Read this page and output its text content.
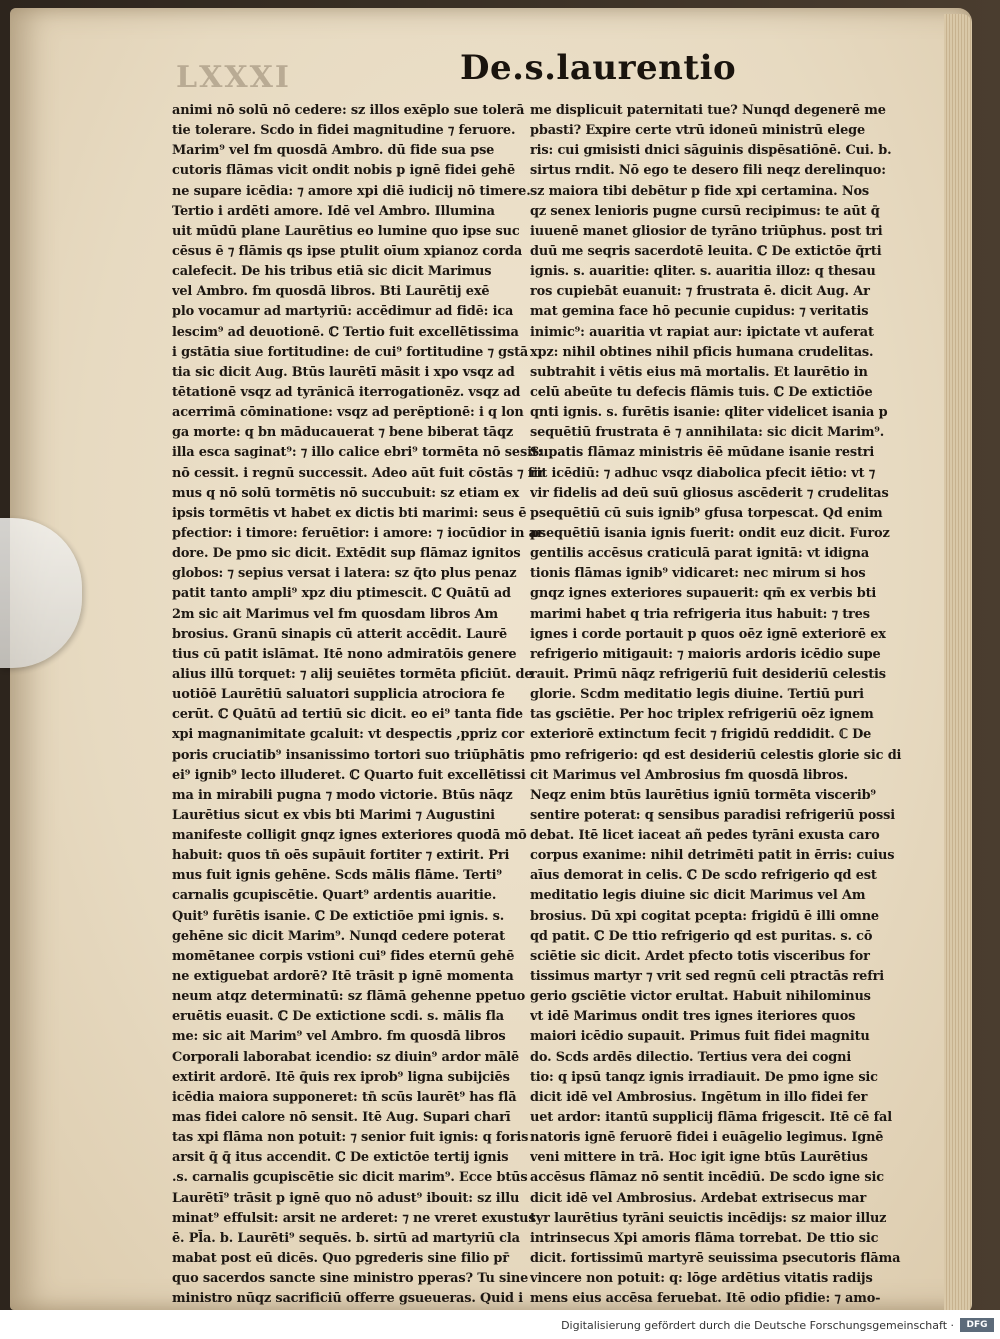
LXXXI	De.s.laurentio
animi nō solū nō cedere: sz illos exēplo sue tolerā
tie tolerare. Scdo in fidei magnitudine ⁊ feruore.
Marim⁹ vel fm quosdā Ambro. dū fide sua pse
cutoris flāmas vicit ondit nobis p ignē fidei gehē
ne supare icēdia: ⁊ amore xpi diē iudicij nō timere.
Tertio i ardēti amore. Idē vel Ambro. Illumina
uit mūdū plane Laurētius eo lumine quo ipse suc
cēsus ē ⁊ flāmis qs ipse ptulit oīum xpianoz corda
calefecit. De his tribus etiā sic dicit Marimus
vel Ambro. fm quosdā libros. Bti Laurētij exē
plo vocamur ad martyriū: accēdimur ad fidē: ica
lescim⁹ ad deuotionē. ℂ Tertio fuit excellētissima
i gstātia siue fortitudine: de cui⁹ fortitudine ⁊ gstā
tia sic dicit Aug. Btūs laurētī māsit i xpo vsqz ad
tētationē vsqz ad tyrānicā iterrogationēz. vsqz ad
acerrimā cōminatione: vsqz ad perēptionē: i q lon
ga morte: q bn māducauerat ⁊ bene biberat tāqz
illa esca saginat⁹: ⁊ illo calice ebri⁹ tormēta nō sesit:
nō cessit. i regnū successit. Adeo aūt fuit cōstās ⁊ fir
mus q nō solū tormētis nō succubuit: sz etiam ex
ipsis tormētis vt habet ex dictis bti marimi: seus ē
pfectior: i timore: feruētior: i amore: ⁊ iocūdior in ar
dore. De pmo sic dicit. Extēdit sup flāmaz ignitos
globos: ⁊ sepius versat i latera: sz q̄to plus penaz
patit tanto ampli⁹ xpz diu ptimescit. ℂ Quātū ad
2m sic ait Marimus vel fm quosdam libros Am
brosius. Granū sinapis cū atterit accēdit. Laurē
tius cū patit islāmat. Itē nono admiratōis genere
alius illū torquet: ⁊ alij seuiētes tormēta pficiūt. de
uotiōē Laurētiū saluatori supplicia atrociora fe
cerūt. ℂ Quātū ad tertiū sic dicit. eo ei⁹ tanta fide
xpi magnanimitate gcaluit: vt despectis ,ppriz cor
poris cruciatib⁹ insanissimo tortori suo triūphātis
ei⁹ ignib⁹ lecto illuderet. ℂ Quarto fuit excellētissi
ma in mirabili pugna ⁊ modo victorie. Btūs nāqz
Laurētius sicut ex vbis bti Marimi ⁊ Augustini
manifeste colligit gnqz ignes exteriores quodā mō
habuit: quos tn̄ oēs supāuit fortiter ⁊ extirit. Pri
mus fuit ignis gehēne. Scds mālis flāme. Terti⁹
carnalis gcupiscētie. Quart⁹ ardentis auaritie.
Quit⁹ furētis isanie. ℂ De extictiōe pmi ignis. s.
gehēne sic dicit Marim⁹. Nunqd cedere poterat
momētanee corpis vstioni cui⁹ fides eternū gehē
ne extiguebat ardorē? Itē trāsit p ignē momenta
neum atqz determinatū: sz flāmā gehenne ppetuo
eruētis euasit. ℂ De extictione scdi. s. mālis fla
me: sic ait Marim⁹ vel Ambro. fm quosdā libros
Corporali laborabat icendio: sz diuin⁹ ardor mālē
extirit ardorē. Itē q̄uis rex iprob⁹ ligna subijciēs
icēdia maiora supponeret: tn̄ scūs laurēt⁹ has flā
mas fidei calore nō sensit. Itē Aug. Supari charī
tas xpi flāma non potuit: ⁊ senior fuit ignis: q foris
arsit q̄ q̄ itus accendit. ℂ De extictōe tertij ignis
.s. carnalis gcupiscētie sic dicit marim⁹. Ecce btūs
Laurētī⁹ trāsit p ignē quo nō adust⁹ ibouit: sz illu
minat⁹ effulsit: arsit ne arderet: ⁊ ne vreret exustus
ē. Pl̄a. b. Laurēti⁹ sequēs. b. sirtū ad martyriū cla
mabat post eū dicēs. Quo pgrederis sine filio pr̄
quo sacerdos sancte sine ministro pperas? Tu sine
ministro nūqz sacrificiū offerre gsueueras. Quid i
me displicuit paternitati tue? Nunqd degenerē me
pbasti? Expire certe vtrū idoneū ministrū elege
ris: cui gmisisti dnici sāguinis dispēsatiōnē. Cui. b.
sirtus rndit. Nō ego te desero fili neqz derelinquo:
sz maiora tibi debētur p fide xpi certamina. Nos
qz senex lenioris pugne cursū recipimus: te aūt q̄
iuuenē manet gliosior de tyrāno triūphus. post tri
duū me seqris sacerdotē leuita. ℂ De extictōe q̄rti
ignis. s. auaritie: qliter. s. auaritia illoz: q thesau
ros cupiebāt euanuit: ⁊ frustrata ē. dicit Aug. Ar
mat gemina face hō pecunie cupidus: ⁊ veritatis
inimic⁹: auaritia vt rapiat aur: ipictate vt auferat
xpz: nihil obtines nihil pficis humana crudelitas.
subtrahit i vētis eius mā mortalis. Et laurētio in
celū abeūte tu defecis flāmis tuis. ℂ De extictiōe
qnti ignis. s. furētis isanie: qliter videlicet isania p
sequētiū frustrata ē ⁊ annihilata: sic dicit Marim⁹.
Supatis flāmaz ministris ēē mūdane isanie restri
rit icēdiū: ⁊ adhuc vsqz diabolica pfecit iētio: vt ⁊
vir fidelis ad deū suū gliosus ascēderit ⁊ crudelitas
psequētiū cū suis ignib⁹ gfusa torpescat. Qd enim
psequētiū isania ignis fuerit: ondit euz dicit. Furoz
gentilis accēsus craticulā parat ignitā: vt idigna
tionis flāmas ignib⁹ vidicaret: nec mirum si hos
gnqz ignes exteriores supauerit: qm̄ ex verbis bti
marimi habet q tria refrigeria itus habuit: ⁊ tres
ignes i corde portauit p quos oēz ignē exteriorē ex
refrigerio mitigauit: ⁊ maioris ardoris icēdio supe
rauit. Primū nāqz refrigeriū fuit desideriū celestis
glorie. Scdm meditatio legis diuine. Tertiū puri
tas gsciētie. Per hoc triplex refrigeriū oēz ignem
exteriorē extinctum fecit ⁊ frigidū reddidit. ℂ De
pmo refrigerio: qd est desideriū celestis glorie sic di
cit Marimus vel Ambrosius fm quosdā libros.
Neqz enim btūs laurētius igniū tormēta viscerib⁹
sentire poterat: q sensibus paradisi refrigeriū possi
debat. Itē licet iaceat añ pedes tyrāni exusta caro
corpus exanime: nihil detrimēti patit in ērris: cuius
aīus demorat in celis. ℂ De scdo refrigerio qd est
meditatio legis diuine sic dicit Marimus vel Am
brosius. Dū xpi cogitat pcepta: frigidū ē illi omne
qd patit. ℂ De ttio refrigerio qd est puritas. s. cō
sciētie sic dicit. Ardet pfecto totis visceribus for
tissimus martyr ⁊ vrit sed regnū celi ptractās refri
gerio gsciētie victor erultat. Habuit nihilominus
vt idē Marimus ondit tres ignes iteriores quos
maiori icēdio supauit. Primus fuit fidei magnitu
do. Scds ardēs dilectio. Tertius vera dei cogni
tio: q ipsū tanqz ignis irradiauit. De pmo igne sic
dicit idē vel Ambrosius. Ingētum in illo fidei fer
uet ardor: itantū supplicij flāma frigescit. Itē cē fal
natoris ignē feruorē fidei i euāgelio legimus. Ignē
veni mittere in trā. Hoc igit igne btūs Laurētius
accēsus flāmaz nō sentit incēdiū. De scdo igne sic
dicit idē vel Ambrosius. Ardebat extrisecus mar
tyr laurētius tyrāni seuictis incēdijs: sz maior illuz
intrinsecus Xpi amoris flāma torrebat. De ttio sic
dicit. fortissimū martyrē seuissima psecutoris flāma
vincere non potuit: q: lōge ardētius vitatis radijs
mens eius accēsa feruebat. Itē odio pfidie: ⁊ amo-
Digitalisierung gefördert durch die Deutsche Forschungsgemeinschaft ·	DFG
